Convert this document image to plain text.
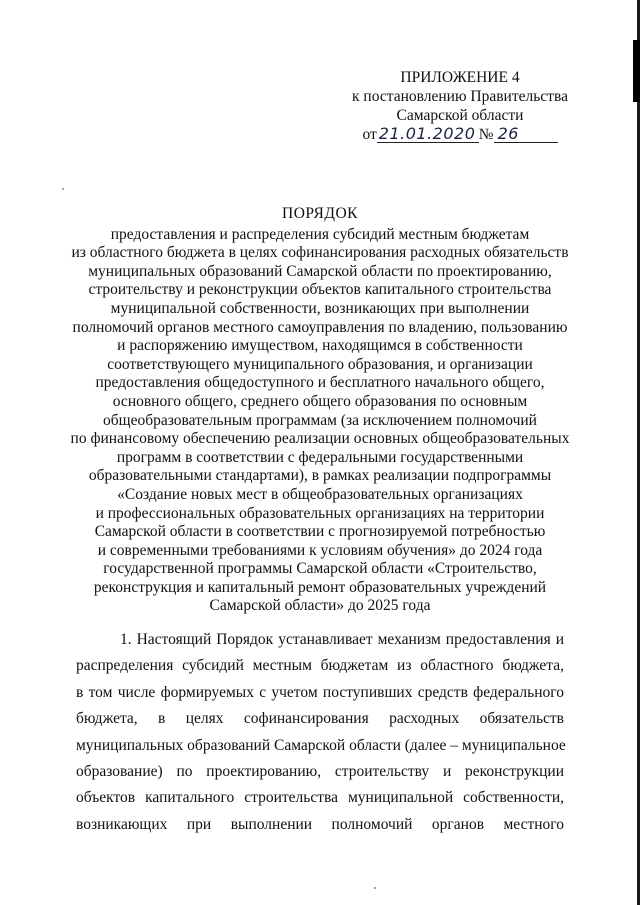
ПРИЛОЖЕНИЕ 4
к постановлению Правительства
Самарской области
от 21.01.2020 № 26
ПОРЯДОК
предоставления и распределения субсидий местным бюджетам
из областного бюджета в целях софинансирования расходных обязательств
муниципальных образований Самарской области по проектированию,
строительству и реконструкции объектов капитального строительства
муниципальной собственности, возникающих при выполнении
полномочий органов местного самоуправления по владению, пользованию
и распоряжению имуществом, находящимся в собственности
соответствующего муниципального образования, и организации
предоставления общедоступного и бесплатного начального общего,
основного общего, среднего общего образования по основным
общеобразовательным программам (за исключением полномочий
по финансовому обеспечению реализации основных общеобразовательных
программ в соответствии с федеральными государственными
образовательными стандартами), в рамках реализации подпрограммы
«Создание новых мест в общеобразовательных организациях
и профессиональных образовательных организациях на территории
Самарской области в соответствии с прогнозируемой потребностью
и современными требованиями к условиям обучения» до 2024 года
государственной программы Самарской области «Строительство,
реконструкция и капитальный ремонт образовательных учреждений
Самарской области» до 2025 года
1. Настоящий Порядок устанавливает механизм предоставления и
распределения субсидий местным бюджетам из областного бюджета,
в том числе формируемых с учетом поступивших средств федерального
бюджета, в целях софинансирования расходных обязательств
муниципальных образований Самарской области (далее – муниципальное
образование) по проектированию, строительству и реконструкции
объектов капитального строительства муниципальной собственности,
возникающих при выполнении полномочий органов местного
